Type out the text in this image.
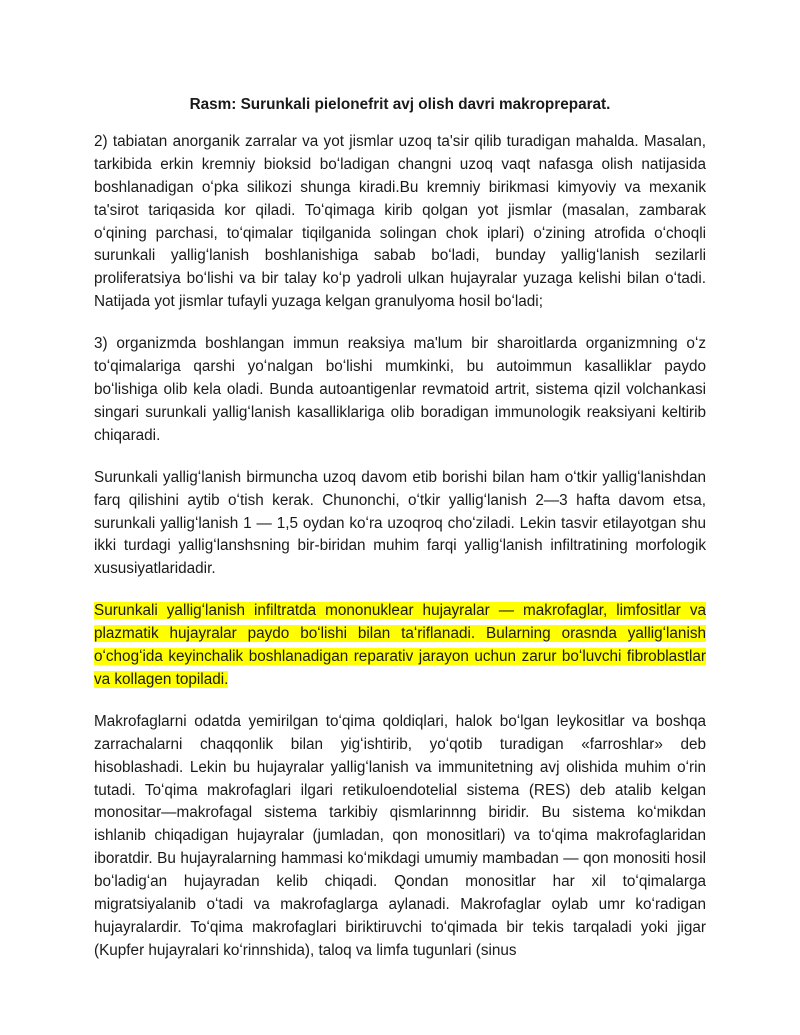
Rasm: Surunkali pielonefrit avj olish davri makropreparat.

2) tabiatan anorganik zarralar va yot jismlar uzoq ta'sir qilib turadigan mahalda. Masalan, tarkibida erkin kremniy bioksid boʻladigan changni uzoq vaqt nafasga olish natijasida boshlanadigan oʻpka silikozi shunga kiradi.Bu kremniy birikmasi kimyoviy va mexanik ta'sirot tariqasida kor qiladi. Toʻqimaga kirib qolgan yot jismlar (masalan, zambarak oʻqining parchasi, toʻqimalar tiqilganida solingan chok iplari) oʻzining atrofida oʻchoqli surunkali yalligʻlanish boshlanishiga sabab boʻladi, bunday yalligʻlanish sezilarli proliferatsiya boʻlishi va bir talay koʻp yadroli ulkan hujayralar yuzaga kelishi bilan oʻtadi. Natijada yot jismlar tufayli yuzaga kelgan granulyoma hosil boʻladi;

3) organizmda boshlangan immun reaksiya ma'lum bir sharoitlarda organizmning oʻz toʻqimalariga qarshi yoʻnalgan boʻlishi mumkinki, bu autoimmun kasalliklar paydo boʻlishiga olib kela oladi. Bunda autoantigenlar revmatoid artrit, sistema qizil volchankasi singari surunkali yalligʻlanish kasalliklariga olib boradigan immunologik reaksiyani keltirib chiqaradi.

Surunkali yalligʻlanish birmuncha uzoq davom etib borishi bilan ham oʻtkir yalligʻlanishdan farq qilishini aytib oʻtish kerak. Chunonchi, oʻtkir yalligʻlanish 2—3 hafta davom etsa, surunkali yalligʻlanish 1 — 1,5 oydan koʻra uzoqroq choʻziladi. Lekin tasvir etilayotgan shu ikki turdagi yalligʻlanshsning bir-biridan muhim farqi yalligʻlanish infiltratining morfologik xususiyatlaridadir.

Surunkali yalligʻlanish infiltratda mononuklear hujayralar — makrofaglar, limfositlar va plazmatik hujayralar paydo boʻlishi bilan taʻriflanadi. Bularning orasnda yalligʻlanish oʻchogʻida keyinchalik boshlanadigan reparativ jarayon uchun zarur boʻluvchi fibroblastlar va kollagen topiladi.

Makrofaglarni odatda yemirilgan toʻqima qoldiqlari, halok boʻlgan leykositlar va boshqa zarrachalarni chaqqonlik bilan yigʻishtirib, yoʻqotib turadigan «farroshlar» deb hisoblashadi. Lekin bu hujayralar yalligʻlanish va immunitetning avj olishida muhim oʻrin tutadi. Toʻqima makrofaglari ilgari retikuloendotelial sistema (RES) deb atalib kelgan monositar—makrofagal sistema tarkibiy qismlarinnng biridir. Bu sistema koʻmikdan ishlanib chiqadigan hujayralar (jumladan, qon monositlari) va toʻqima makrofaglaridan iboratdir. Bu hujayralarning hammasi koʻmikdagi umumiy mambadan — qon monositi hosil boʻladigʻan hujayradan kelib chiqadi. Qondan monositlar har xil toʻqimalarga migratsiyalanib oʻtadi va makrofaglarga aylanadi. Makrofaglar oylab umr koʻradigan hujayralardir. Toʻqima makrofaglari biriktiruvchi toʻqimada bir tekis tarqaladi yoki jigar (Kupfer hujayralari koʻrinnshida), taloq va limfa tugunlari (sinus
